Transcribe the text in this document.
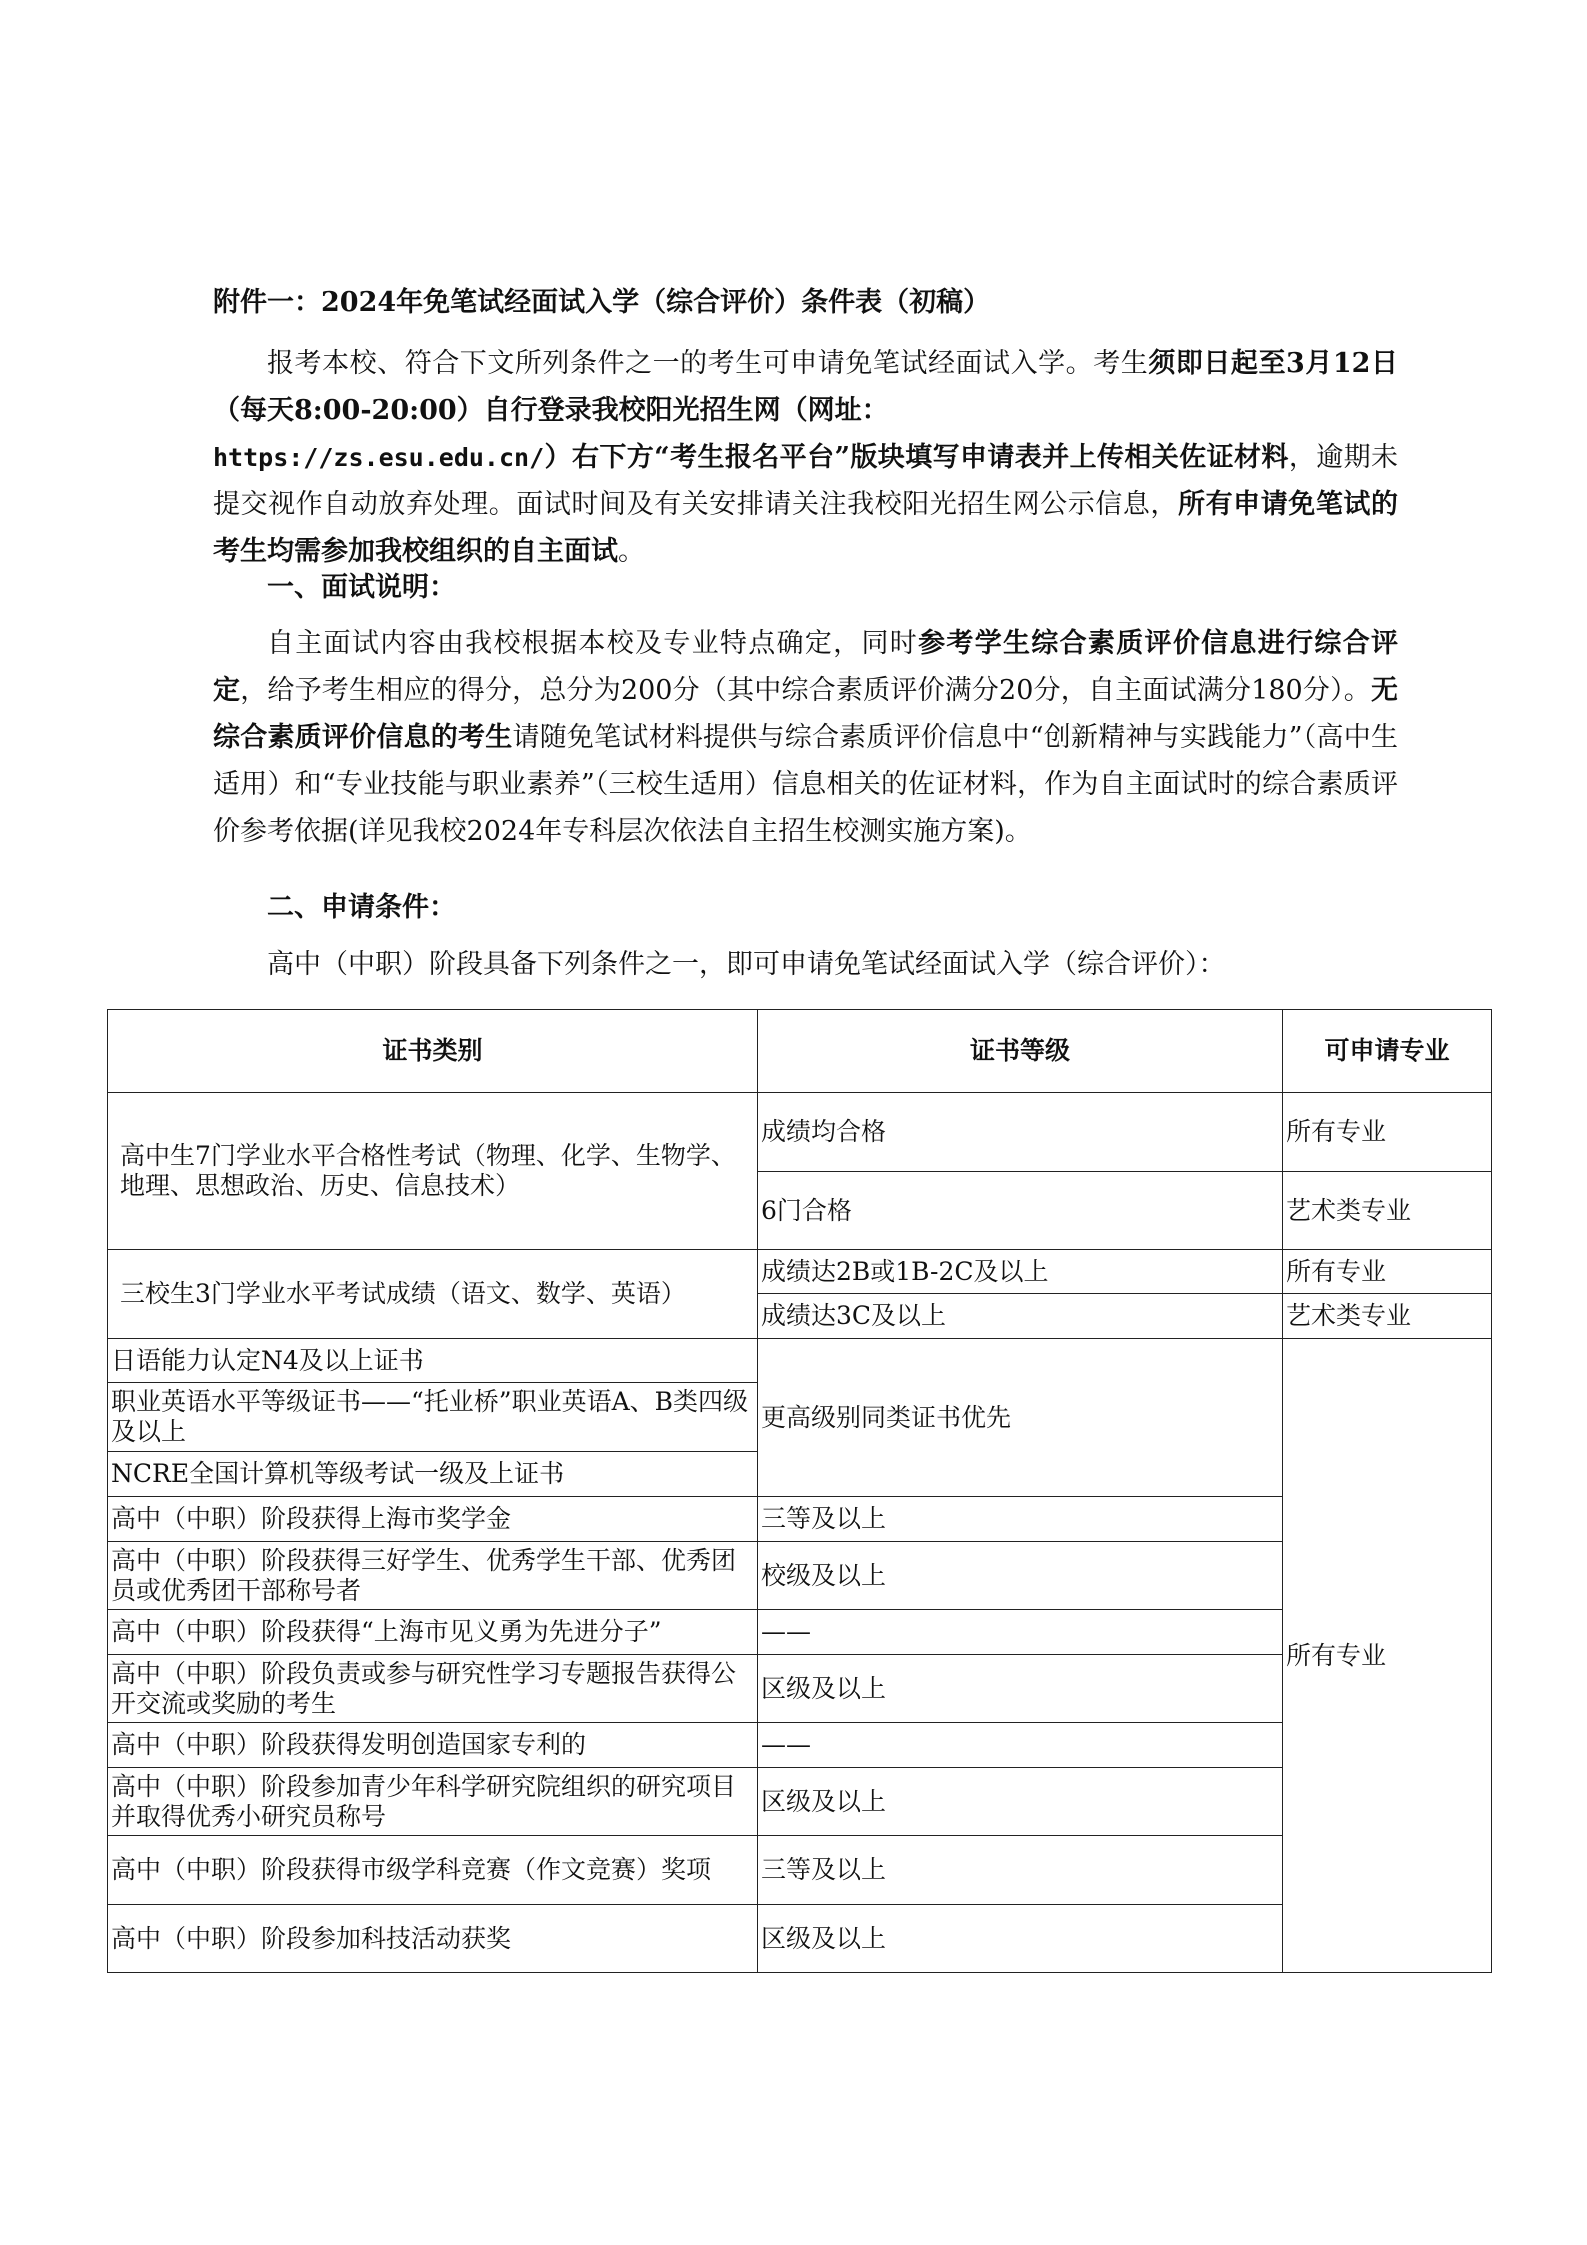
附件一：2024年免笔试经面试入学（综合评价）条件表（初稿）
报考本校、符合下文所列条件之一的考生可申请免笔试经面试入学。考生须即日起至3月12日（每天8:00-20:00）自行登录我校阳光招生网（网址：
https://zs.esu.edu.cn/）右下方“考生报名平台”版块填写申请表并上传相关佐证材料，逾期未提交视作自动放弃处理。面试时间及有关安排请关注我校阳光招生网公示信息，所有申请免笔试的考生均需参加我校组织的自主面试。
一、面试说明：
自主面试内容由我校根据本校及专业特点确定，同时参考学生综合素质评价信息进行综合评定，给予考生相应的得分，总分为200分（其中综合素质评价满分20分，自主面试满分180分）。无综合素质评价信息的考生请随免笔试材料提供与综合素质评价信息中“创新精神与实践能力”（高中生适用）和“专业技能与职业素养”（三校生适用）信息相关的佐证材料，作为自主面试时的综合素质评价参考依据(详见我校2024年专科层次依法自主招生校测实施方案)。
二、申请条件：
高中（中职）阶段具备下列条件之一，即可申请免笔试经面试入学（综合评价）：
证书类别	证书等级	可申请专业
高中生7门学业水平合格性考试（物理、化学、生物学、地理、思想政治、历史、信息技术）	成绩均合格	所有专业
	6门合格	艺术类专业
三校生3门学业水平考试成绩（语文、数学、英语）	成绩达2B或1B-2C及以上	所有专业
	成绩达3C及以上	艺术类专业
日语能力认定N4及以上证书	更高级别同类证书优先	所有专业
职业英语水平等级证书——“托业桥”职业英语A、B类四级及以上		
NCRE全国计算机等级考试一级及上证书		
高中（中职）阶段获得上海市奖学金	三等及以上	
高中（中职）阶段获得三好学生、优秀学生干部、优秀团员或优秀团干部称号者	校级及以上	
高中（中职）阶段获得“上海市见义勇为先进分子”	——	
高中（中职）阶段负责或参与研究性学习专题报告获得公开交流或奖励的考生	区级及以上	
高中（中职）阶段获得发明创造国家专利的	——	
高中（中职）阶段参加青少年科学研究院组织的研究项目并取得优秀小研究员称号	区级及以上	
高中（中职）阶段获得市级学科竞赛（作文竞赛）奖项	三等及以上	
高中（中职）阶段参加科技活动获奖	区级及以上	
